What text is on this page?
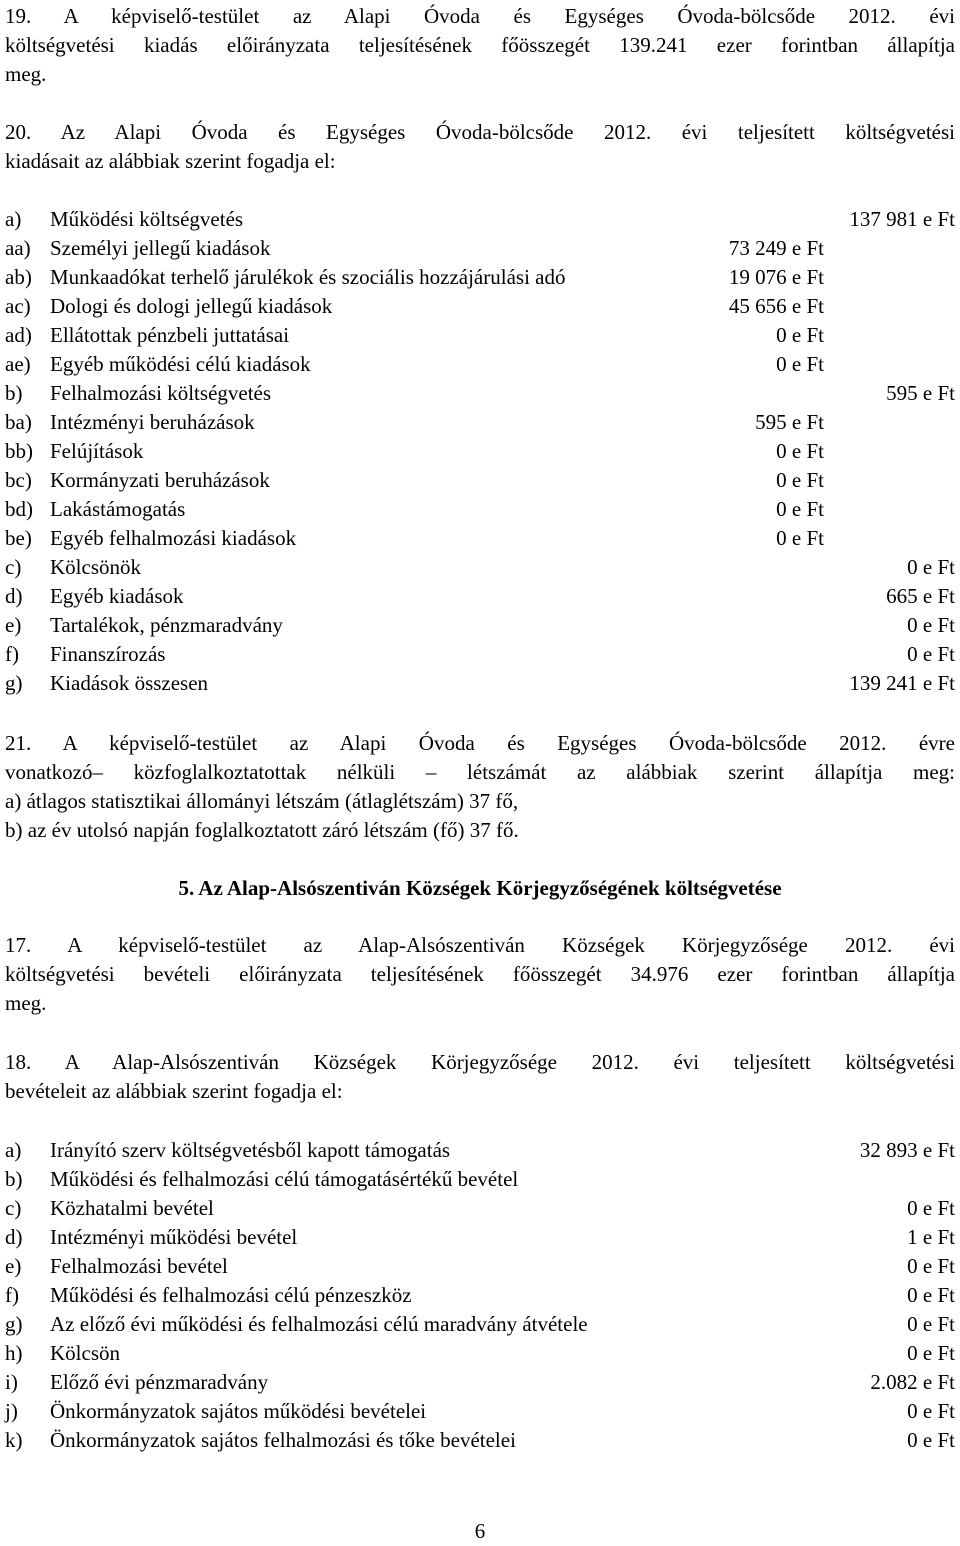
19. A képviselő-testület az Alapi Óvoda és Egységes Óvoda-bölcsőde 2012. évi
költségvetési kiadás előirányzata teljesítésének főösszegét 139.241 ezer forintban állapítja
meg.
20. Az Alapi Óvoda és Egységes Óvoda-bölcsőde 2012. évi teljesített költségvetési
kiadásait az alábbiak szerint fogadja el:
a) Működési költségvetés	137 981 e Ft
aa) Személyi jellegű kiadások	73 249 e Ft
ab) Munkaadókat terhelő járulékok és szociális hozzájárulási adó	19 076 e Ft
ac) Dologi és dologi jellegű kiadások	45 656 e Ft
ad) Ellátottak pénzbeli juttatásai	0 e Ft
ae) Egyéb működési célú kiadások	0 e Ft
b) Felhalmozási költségvetés	595 e Ft
ba) Intézményi beruházások	595 e Ft
bb) Felújítások	0 e Ft
bc) Kormányzati beruházások	0 e Ft
bd) Lakástámogatás	0 e Ft
be) Egyéb felhalmozási kiadások	0 e Ft
c) Kölcsönök	0 e Ft
d) Egyéb kiadások	665 e Ft
e) Tartalékok, pénzmaradvány	0 e Ft
f) Finanszírozás	0 e Ft
g) Kiadások összesen	139 241 e Ft
21. A képviselő-testület az Alapi Óvoda és Egységes Óvoda-bölcsőde 2012. évre
vonatkozó– közfoglalkoztatottak nélküli – létszámát az alábbiak szerint állapítja meg:
a) átlagos statisztikai állományi létszám (átlaglétszám) 37 fő,
b) az év utolsó napján foglalkoztatott záró létszám (fő) 37 fő.
5. Az Alap-Alsószentiván Községek Körjegyzőségének költségvetése
17. A képviselő-testület az Alap-Alsószentiván Községek Körjegyzősége 2012. évi
költségvetési bevételi előirányzata teljesítésének főösszegét 34.976 ezer forintban állapítja
meg.
18. A Alap-Alsószentiván Községek Körjegyzősége 2012. évi teljesített költségvetési
bevételeit az alábbiak szerint fogadja el:
a) Irányító szerv költségvetésből kapott támogatás	32 893 e Ft
b) Működési és felhalmozási célú támogatásértékű bevétel
c) Közhatalmi bevétel	0 e Ft
d) Intézményi működési bevétel	1 e Ft
e) Felhalmozási bevétel	0 e Ft
f) Működési és felhalmozási célú pénzeszköz	0 e Ft
g) Az előző évi működési és felhalmozási célú maradvány átvétele	0 e Ft
h) Kölcsön	0 e Ft
i) Előző évi pénzmaradvány	2.082 e Ft
j) Önkormányzatok sajátos működési bevételei	0 e Ft
k) Önkormányzatok sajátos felhalmozási és tőke bevételei	0 e Ft
6
